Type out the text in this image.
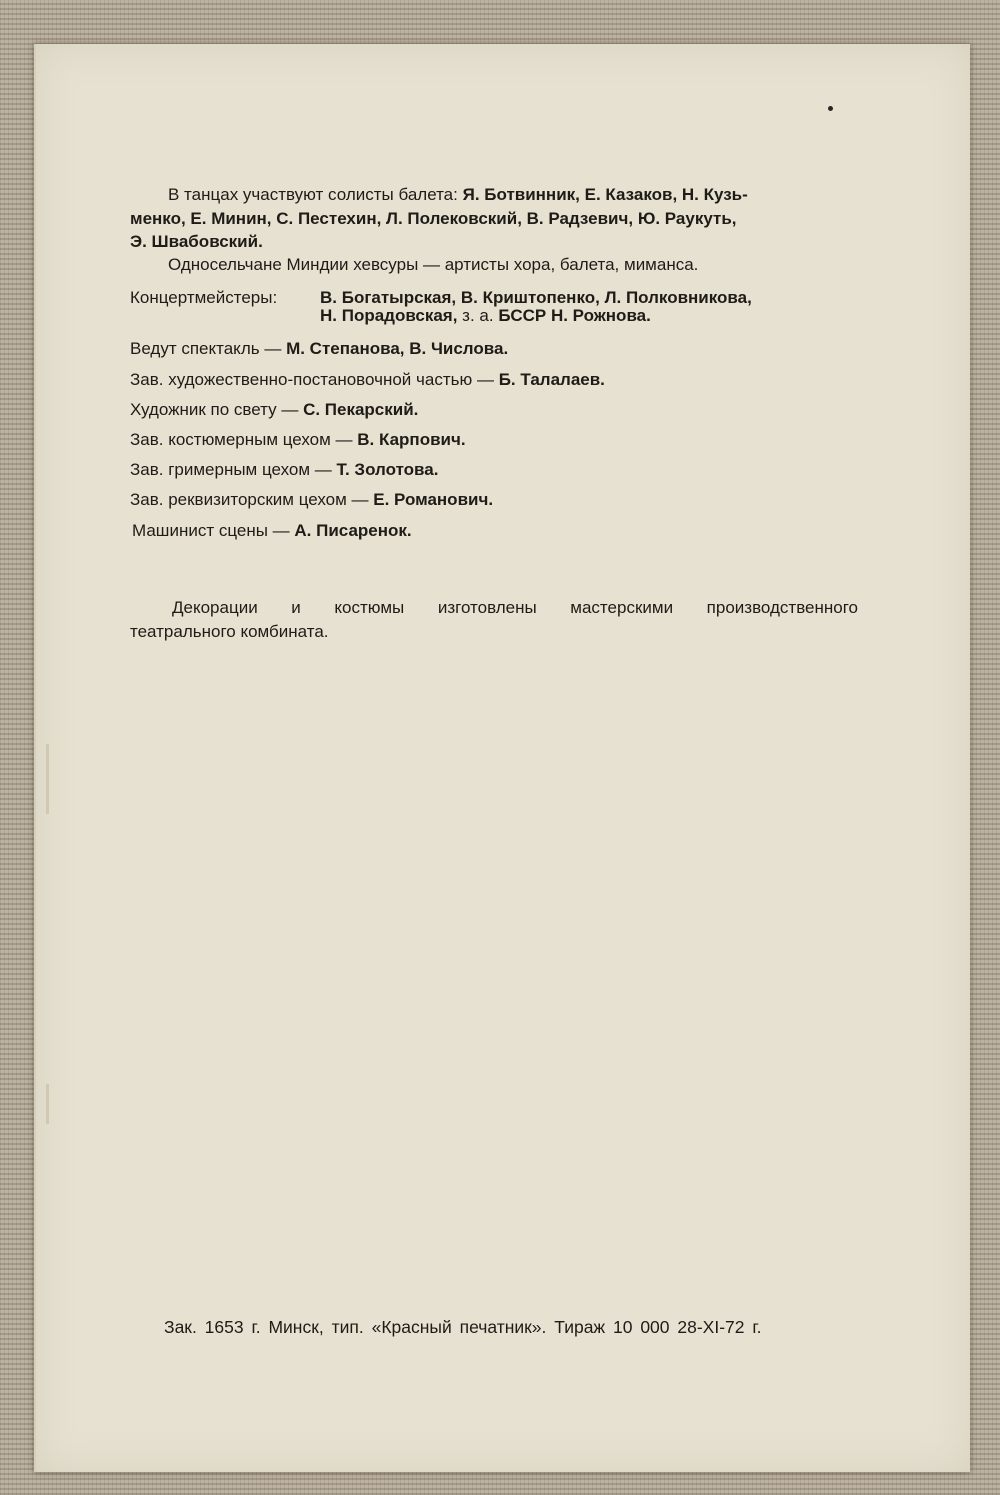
В танцах участвуют солисты балета: Я. Ботвинник, Е. Казаков, Н. Кузь-
менко, Е. Минин, С. Пестехин, Л. Полековский, В. Радзевич, Ю. Раукуть,
Э. Швабовский.
Односельчане Миндии хевсуры — артисты хора, балета, миманса.
Концертмейстеры:	В. Богатырская, В. Криштопенко, Л. Полковникова,
Н. Порадовская, з. а. БССР Н. Рожнова.
Ведут спектакль — М. Степанова, В. Числова.
Зав. художественно-постановочной частью — Б. Талалаев.
Художник по свету — С. Пекарский.
Зав. костюмерным цехом — В. Карпович.
Зав. гримерным цехом — Т. Золотова.
Зав. реквизиторским цехом — Е. Романович.
Машинист сцены — А. Писаренок.
Декорации и костюмы изготовлены мастерскими производственного
театрального комбината.
Зак. 1653 г. Минск, тип. «Красный печатник». Тираж 10 000 28-XI-72 г.
